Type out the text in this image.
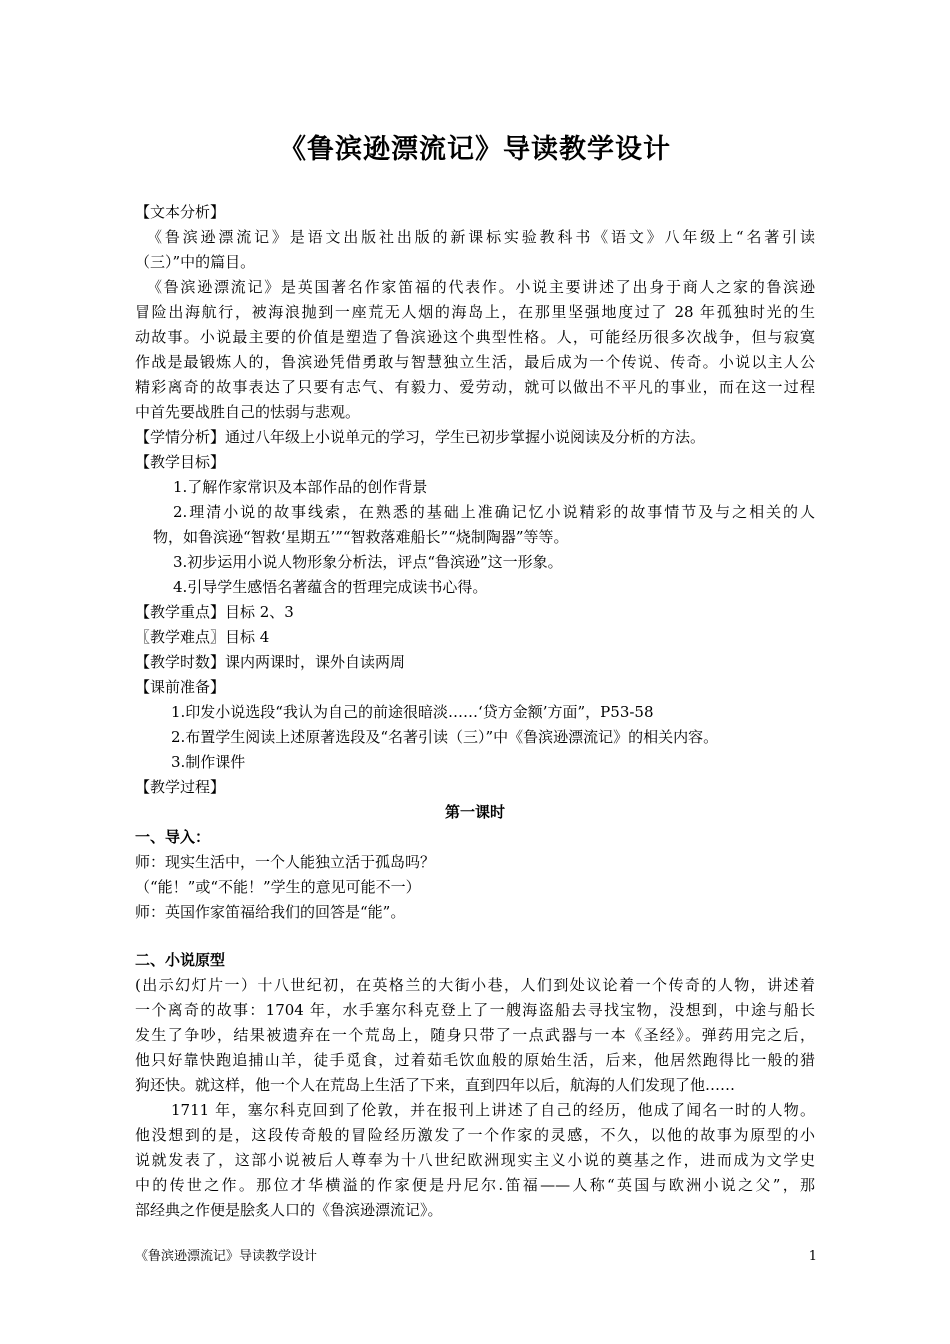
《鲁滨逊漂流记》导读教学设计
【文本分析】
《鲁滨逊漂流记》是语文出版社出版的新课标实验教科书《语文》八年级上“名著引读
（三）”中的篇目。
《鲁滨逊漂流记》是英国著名作家笛福的代表作。小说主要讲述了出身于商人之家的鲁滨逊
冒险出海航行，被海浪抛到一座荒无人烟的海岛上，在那里坚强地度过了 28 年孤独时光的生
动故事。小说最主要的价值是塑造了鲁滨逊这个典型性格。人，可能经历很多次战争，但与寂寞
作战是最锻炼人的，鲁滨逊凭借勇敢与智慧独立生活，最后成为一个传说、传奇。小说以主人公
精彩离奇的故事表达了只要有志气、有毅力、爱劳动，就可以做出不平凡的事业，而在这一过程
中首先要战胜自己的怯弱与悲观。
【学情分析】通过八年级上小说单元的学习，学生已初步掌握小说阅读及分析的方法。
【教学目标】
1.了解作家常识及本部作品的创作背景
2.理清小说的故事线索，在熟悉的基础上准确记忆小说精彩的故事情节及与之相关的人
物，如鲁滨逊“智救‘星期五’”“智救落难船长”“烧制陶器”等等。
3.初步运用小说人物形象分析法，评点“鲁滨逊”这一形象。
4.引导学生感悟名著蕴含的哲理完成读书心得。
【教学重点】目标 2、3
〖教学难点〗目标 4
【教学时数】课内两课时，课外自读两周
【课前准备】
1.印发小说选段“我认为自己的前途很暗淡……‘贷方金额’方面”，P53-58
2.布置学生阅读上述原著选段及“名著引读（三）”中《鲁滨逊漂流记》的相关内容。
3.制作课件
【教学过程】
第一课时
一、导入：
师：现实生活中，一个人能独立活于孤岛吗？
（“能！”或“不能！”学生的意见可能不一）
师：英国作家笛福给我们的回答是“能”。
二、小说原型
(出示幻灯片一）十八世纪初，在英格兰的大街小巷，人们到处议论着一个传奇的人物，讲述着
一个离奇的故事：1704 年，水手塞尔科克登上了一艘海盗船去寻找宝物，没想到，中途与船长
发生了争吵，结果被遗弃在一个荒岛上，随身只带了一点武器与一本《圣经》。弹药用完之后，
他只好靠快跑追捕山羊，徒手觅食，过着茹毛饮血般的原始生活，后来，他居然跑得比一般的猎
狗还快。就这样，他一个人在荒岛上生活了下来，直到四年以后，航海的人们发现了他……
1711 年，塞尔科克回到了伦敦，并在报刊上讲述了自己的经历，他成了闻名一时的人物。
他没想到的是，这段传奇般的冒险经历激发了一个作家的灵感，不久，以他的故事为原型的小
说就发表了，这部小说被后人尊奉为十八世纪欧洲现实主义小说的奠基之作，进而成为文学史
中的传世之作。那位才华横溢的作家便是丹尼尔.笛福——人称“英国与欧洲小说之父”，那
部经典之作便是脍炙人口的《鲁滨逊漂流记》。
《鲁滨逊漂流记》导读教学设计	1
